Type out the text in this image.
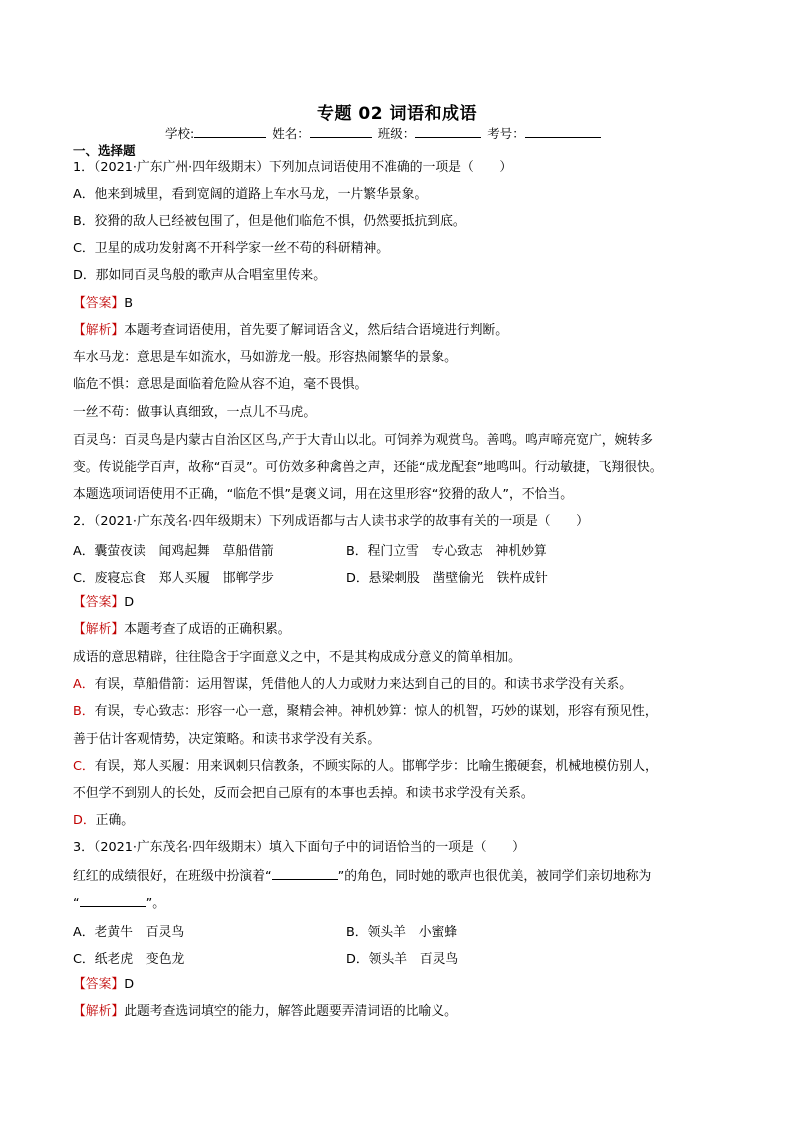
专题 02 词语和成语
学校:	姓名：	班级：	考号：
一、选择题
1．（2021·广东广州·四年级期末）下列加点词语使用不准确的一项是（　　）
A．他来到城里，看到宽阔的道路上车水马龙，一片繁华景象。
B．狡猾的敌人已经被包围了，但是他们临危不惧，仍然要抵抗到底。
C．卫星的成功发射离不开科学家一丝不苟的科研精神。
D．那如同百灵鸟般的歌声从合唱室里传来。
【答案】B
【解析】本题考查词语使用，首先要了解词语含义，然后结合语境进行判断。
车水马龙：意思是车如流水，马如游龙一般。形容热闹繁华的景象。
临危不惧：意思是面临着危险从容不迫，毫不畏惧。
一丝不苟：做事认真细致，一点儿不马虎。
百灵鸟：百灵鸟是内蒙古自治区区鸟,产于大青山以北。可饲养为观赏鸟。善鸣。鸣声啼亮宽广，婉转多
变。传说能学百声，故称“百灵”。可仿效多种禽兽之声，还能“成龙配套”地鸣叫。行动敏捷，飞翔很快。
本题选项词语使用不正确，“临危不惧”是褒义词，用在这里形容“狡猾的敌人”，不恰当。
2．（2021·广东茂名·四年级期末）下列成语都与古人读书求学的故事有关的一项是（　　）
A．囊萤夜读　闻鸡起舞　草船借箭	B．程门立雪　专心致志　神机妙算
C．废寝忘食　郑人买履　邯郸学步	D．悬梁刺股　凿壁偷光　铁杵成针
【答案】D
【解析】本题考查了成语的正确积累。
成语的意思精辟，往往隐含于字面意义之中，不是其构成成分意义的简单相加。
A．有误，草船借箭：运用智谋，凭借他人的人力或财力来达到自己的目的。和读书求学没有关系。
B．有误，专心致志：形容一心一意，聚精会神。神机妙算：惊人的机智，巧妙的谋划，形容有预见性，
善于估计客观情势，决定策略。和读书求学没有关系。
C．有误，郑人买履：用来讽刺只信教条，不顾实际的人。邯郸学步：比喻生搬硬套，机械地模仿别人，
不但学不到别人的长处，反而会把自己原有的本事也丢掉。和读书求学没有关系。
D．正确。
3．（2021·广东茂名·四年级期末）填入下面句子中的词语恰当的一项是（　　）
红红的成绩很好，在班级中扮演着“	”的角色，同时她的歌声也很优美，被同学们亲切地称为
“	”。
A．老黄牛　百灵鸟	B．领头羊　小蜜蜂
C．纸老虎　变色龙	D．领头羊　百灵鸟
【答案】D
【解析】此题考查选词填空的能力，解答此题要弄清词语的比喻义。
